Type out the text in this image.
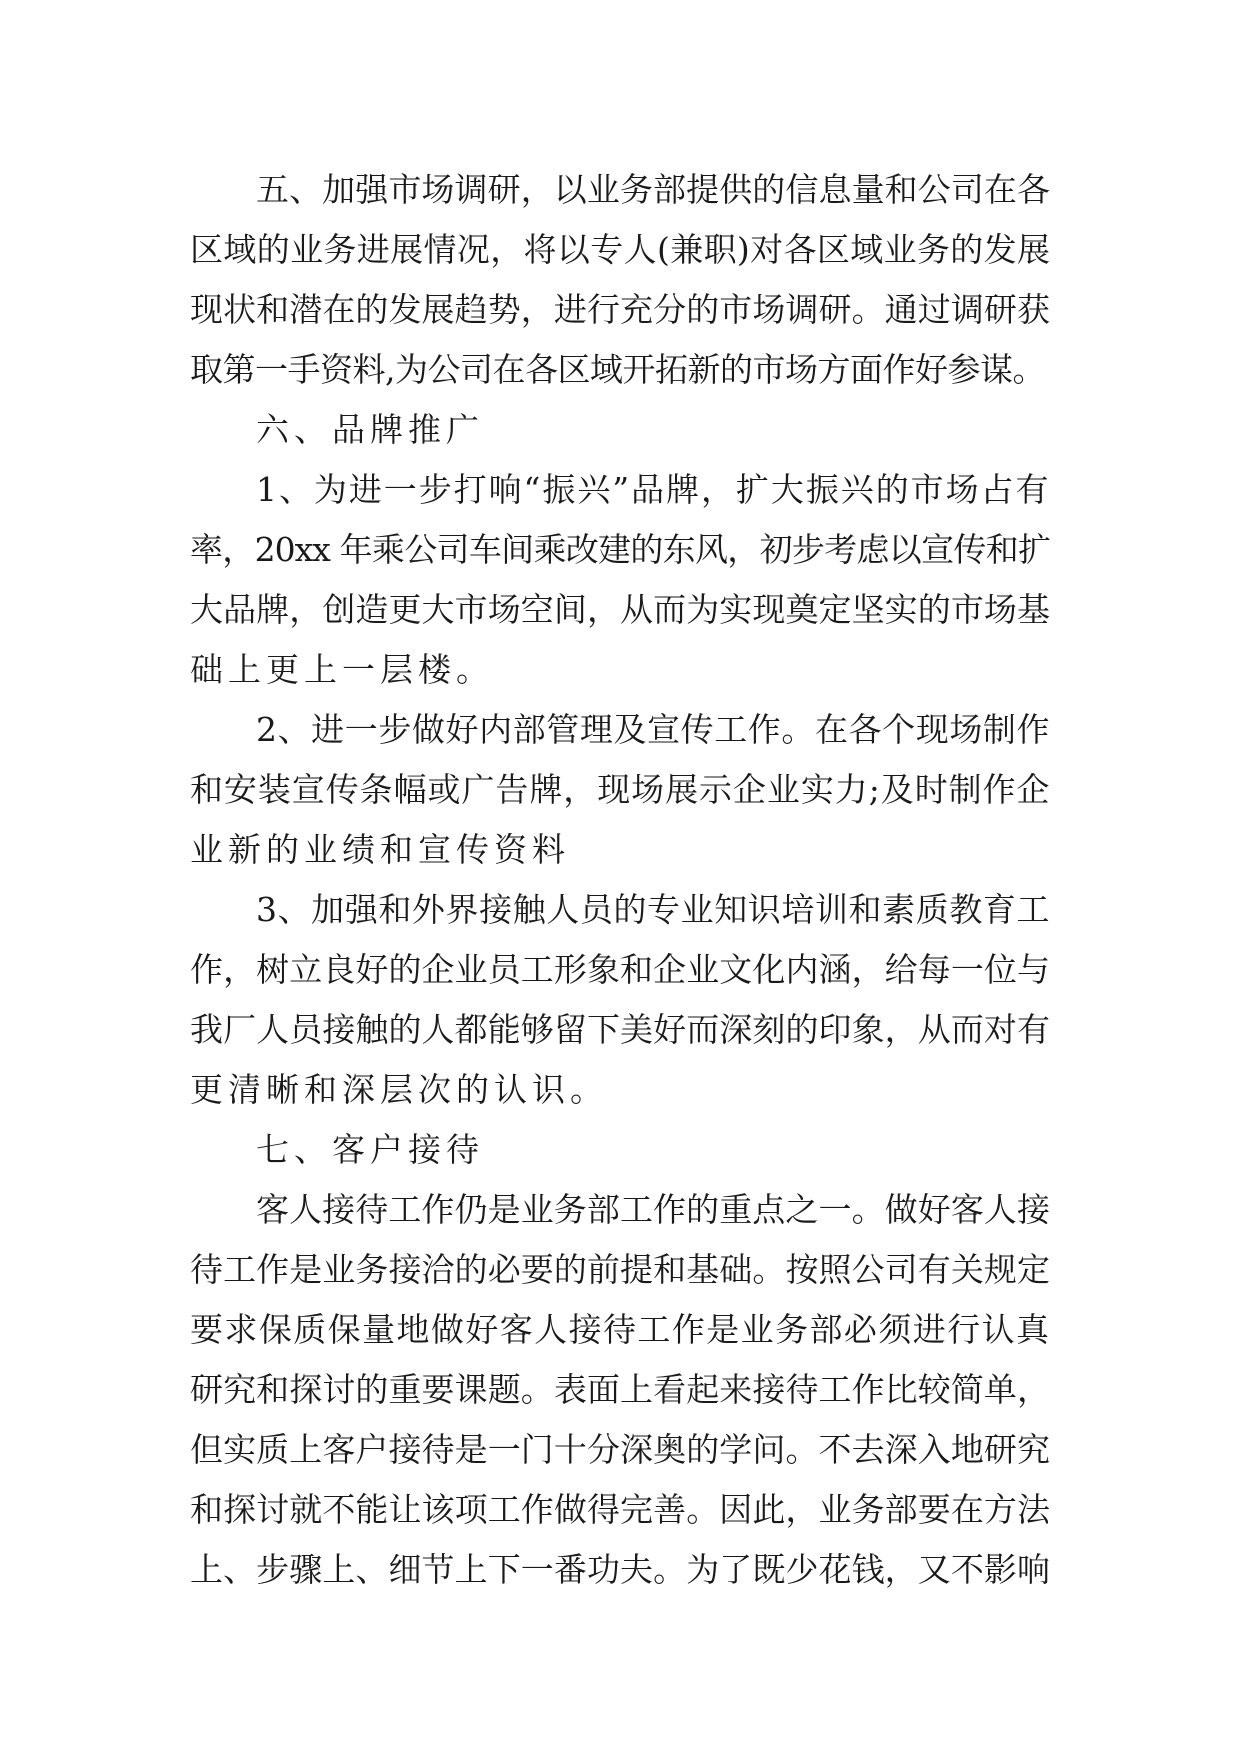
五、加强市场调研，以业务部提供的信息量和公司在各
区域的业务进展情况，将以专人(兼职)对各区域业务的发展
现状和潜在的发展趋势，进行充分的市场调研。通过调研获
取第一手资料,为公司在各区域开拓新的市场方面作好参谋。
六、品牌推广
1、为进一步打响“振兴”品牌，扩大振兴的市场占有
率，20xx 年乘公司车间乘改建的东风，初步考虑以宣传和扩
大品牌，创造更大市场空间，从而为实现奠定坚实的市场基
础上更上一层楼。
2、进一步做好内部管理及宣传工作。在各个现场制作
和安装宣传条幅或广告牌，现场展示企业实力;及时制作企
业新的业绩和宣传资料
3、加强和外界接触人员的专业知识培训和素质教育工
作，树立良好的企业员工形象和企业文化内涵，给每一位与
我厂人员接触的人都能够留下美好而深刻的印象，从而对有
更清晰和深层次的认识。
七、客户接待
客人接待工作仍是业务部工作的重点之一。做好客人接
待工作是业务接洽的必要的前提和基础。按照公司有关规定
要求保质保量地做好客人接待工作是业务部必须进行认真
研究和探讨的重要课题。表面上看起来接待工作比较简单，
但实质上客户接待是一门十分深奥的学问。不去深入地研究
和探讨就不能让该项工作做得完善。因此，业务部要在方法
上、步骤上、细节上下一番功夫。为了既少花钱，又不影响
